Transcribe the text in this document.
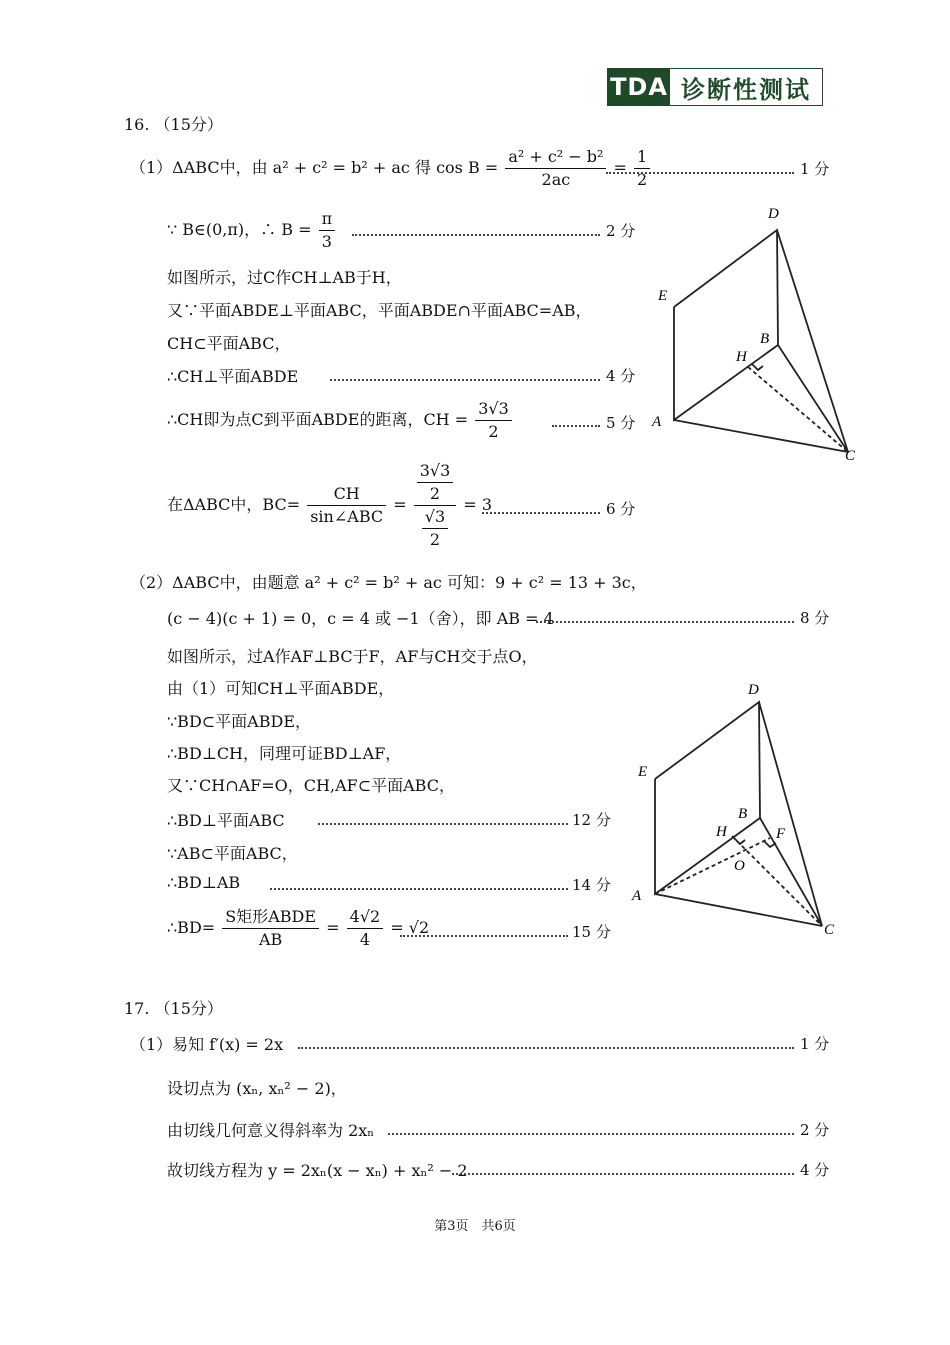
TDA 诊断性测试
16. （15分）
（1）ΔABC中，由 a² + c² = b² + ac 得 $\cos B = \frac{\text{a² + c² − b²}}{2ac} = \frac{1}{2}$	1 分
∵ B∈(0,π)，∴ $B = \frac{\pi}{3}$	2 分
如图所示，过C作CH⊥AB于H，
又∵平面ABDE⊥平面ABC，平面ABDE∩平面ABC=AB，
CH⊂平面ABC，
∴CH⊥平面ABDE	4 分
∴CH即为点C到平面ABDE的距离，CH = $\frac{3√3}{2}$	5 分
在ΔABC中，$BC= \frac{CH}{\text{sin∠ABC}} = \frac{\frac{3√3}{2}}{\frac{√3}{2}} = 3$	6 分
（2）ΔABC中，由题意 a² + c² = b² + ac 可知：9 + c² = 13 + 3c，
(c − 4)(c + 1) = 0，c = 4 或 −1（舍），即 AB = 4	8 分
如图所示，过A作AF⊥BC于F，AF与CH交于点O，
由（1）可知CH⊥平面ABDE，
∵BD⊂平面ABDE，
∴BD⊥CH，同理可证BD⊥AF，
又∵CH∩AF=O，CH,AF⊂平面ABC，
∴BD⊥平面ABC	12 分
∵AB⊂平面ABC，
∴BD⊥AB	14 分
∴BD= $\frac{\text{S矩形ABDE}}{AB} = \frac{4√2}{4} = √2$	15 分
D
E
B
H
A
C
D
E
B
H	F
O
A
C
17. （15分）
（1）易知 f′(x) = 2x	1 分
设切点为 (xₙ, xₙ² − 2)，
由切线几何意义得斜率为 2xₙ	2 分
故切线方程为 y = 2xₙ(x − xₙ) + xₙ² − 2	4 分
第3页　共6页
